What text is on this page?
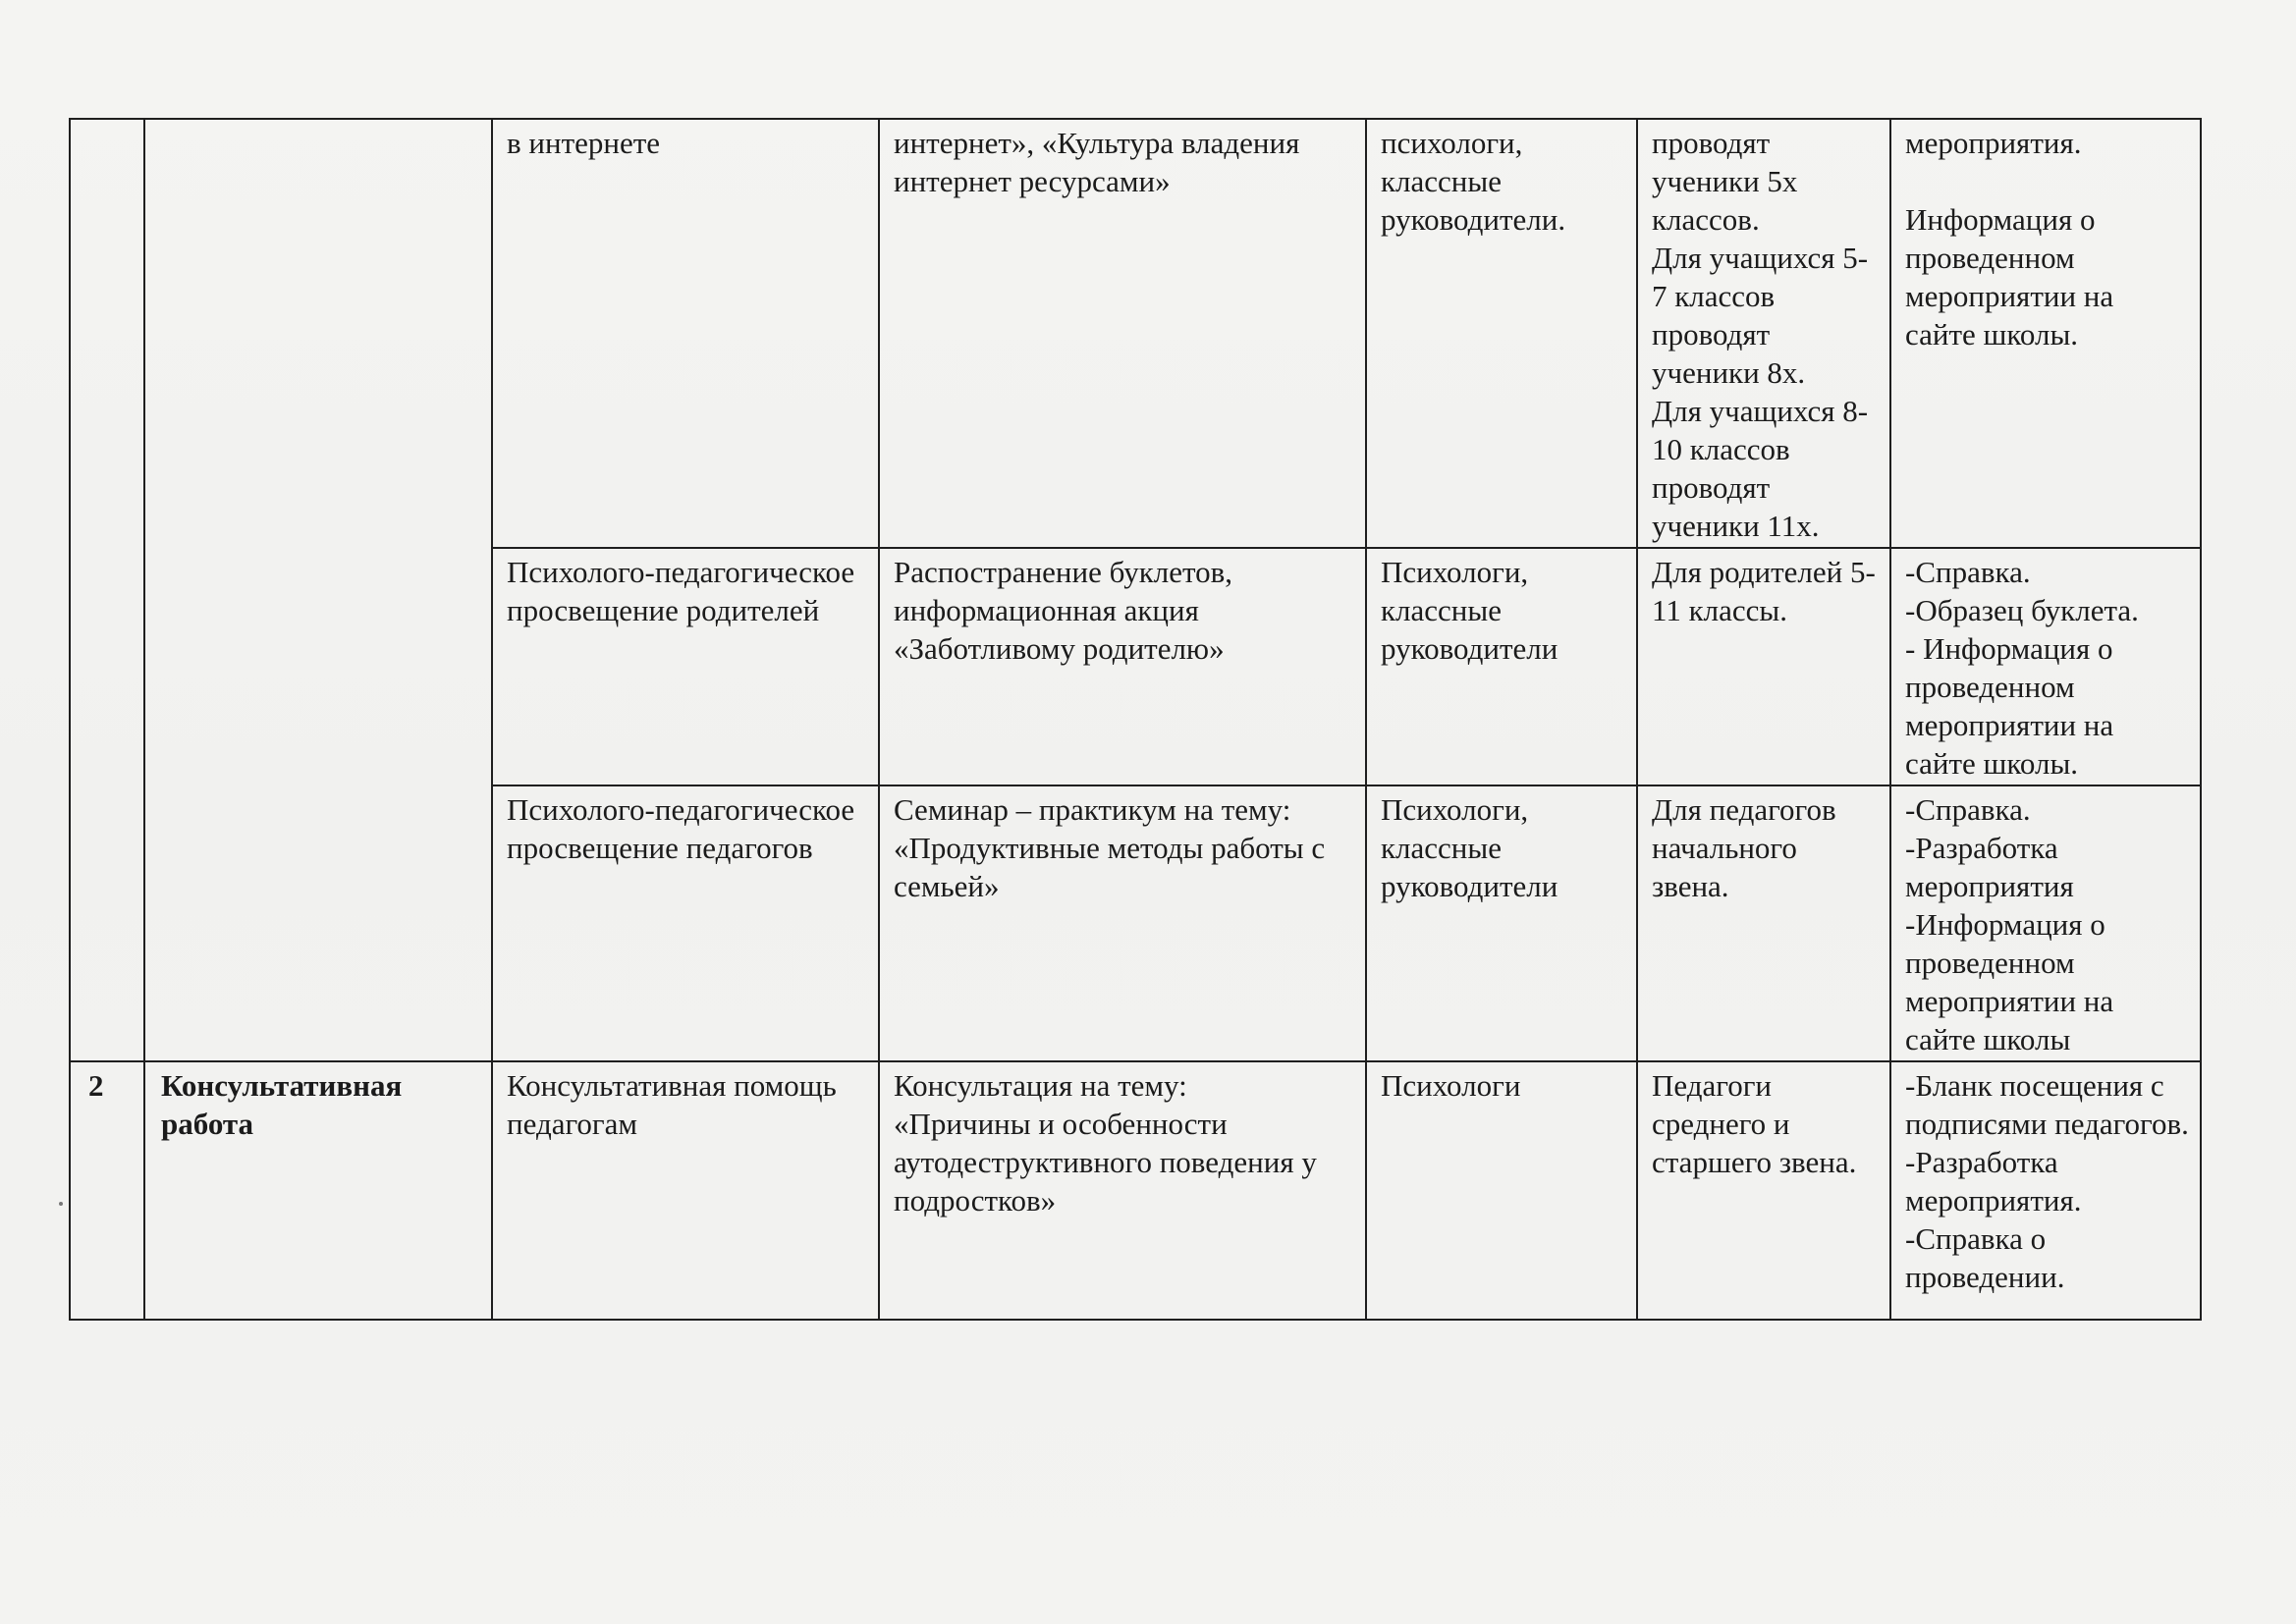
		в интернете	интернет», «Культура владения интернет ресурсами»	психологи, классные руководители.	проводят ученики 5х классов.
Для учащихся 5-7 классов проводят ученики 8х.
Для учащихся 8-10 классов проводят ученики 11х.	мероприятия.

Информация о проведенном мероприятии на сайте школы.
		Психолого-педагогическое просвещение родителей	Распостранение буклетов, информационная акция «Заботливому родителю»	Психологи, классные руководители	Для родителей 5-11 классы.	-Справка.
-Образец буклета.
- Информация о проведенном мероприятии на сайте школы.
		Психолого-педагогическое просвещение педагогов	Семинар – практикум на тему: «Продуктивные методы работы с семьей»	Психологи, классные руководители	Для педагогов начального звена.	-Справка.
-Разработка мероприятия
-Информация о проведенном мероприятии на сайте школы
2	Консультативная работа	Консультативная помощь педагогам	Консультация на тему:
«Причины и особенности аутодеструктивного поведения у подростков»	Психологи	Педагоги среднего и старшего звена.	-Бланк посещения с подписями педагогов.
-Разработка мероприятия.
-Справка о проведении.
